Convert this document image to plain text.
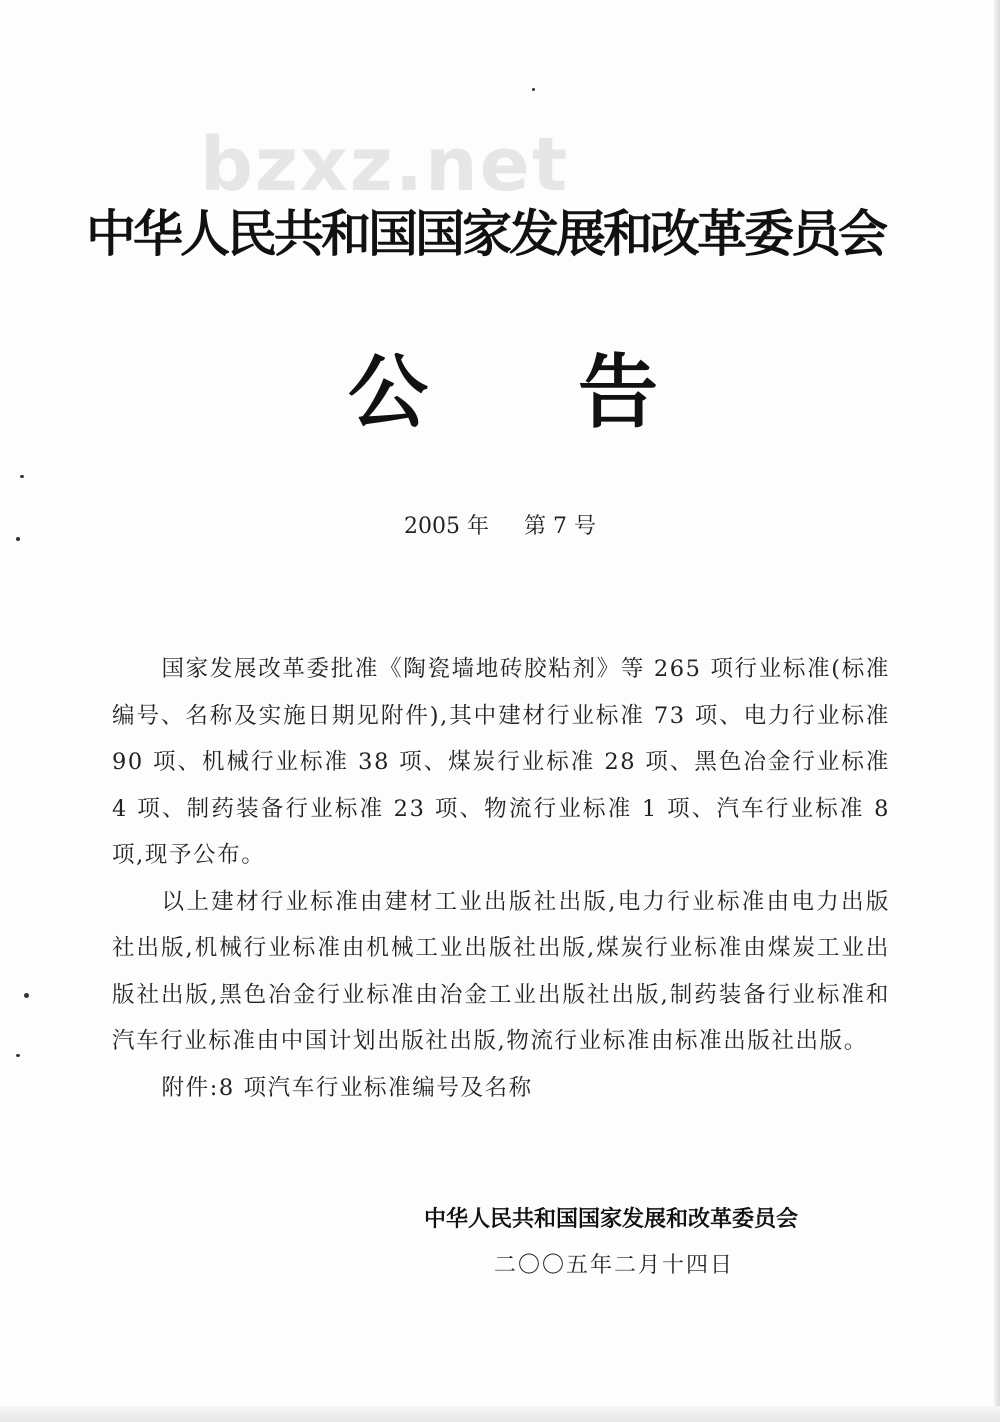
bzxz.net
中华人民共和国国家发展和改革委员会
公 告
2005 年 第 7 号

国家发展改革委批准《陶瓷墙地砖胶粘剂》等 265 项行业标准(标准编号、名称及实施日期见附件),其中建材行业标准 73 项、电力行业标准 90 项、机械行业标准 38 项、煤炭行业标准 28 项、黑色冶金行业标准 4 项、制药装备行业标准 23 项、物流行业标准 1 项、汽车行业标准 8 项,现予公布。

以上建材行业标准由建材工业出版社出版,电力行业标准由电力出版社出版,机械行业标准由机械工业出版社出版,煤炭行业标准由煤炭工业出版社出版,黑色冶金行业标准由冶金工业出版社出版,制药装备行业标准和汽车行业标准由中国计划出版社出版,物流行业标准由标准出版社出版。

附件:8 项汽车行业标准编号及名称

中华人民共和国国家发展和改革委员会
二〇〇五年二月十四日
